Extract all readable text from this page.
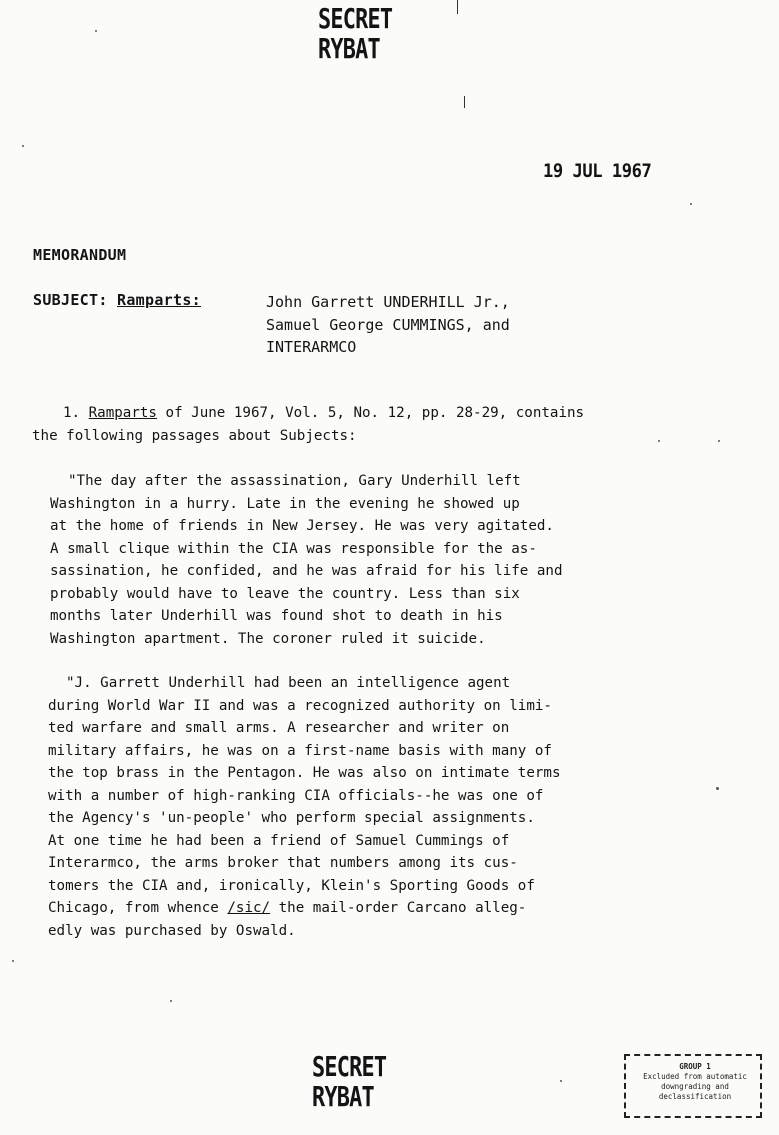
SECRET
RYBAT
19 JUL 1967
MEMORANDUM
SUBJECT: Ramparts:	John Garrett UNDERHILL Jr.,
Samuel George CUMMINGS, and
INTERARMCO
1. Ramparts of June 1967, Vol. 5, No. 12, pp. 28-29, contains
the following passages about Subjects:
"The day after the assassination, Gary Underhill left
Washington in a hurry. Late in the evening he showed up
at the home of friends in New Jersey. He was very agitated.
A small clique within the CIA was responsible for the as-
sassination, he confided, and he was afraid for his life and
probably would have to leave the country. Less than six
months later Underhill was found shot to death in his
Washington apartment. The coroner ruled it suicide.
"J. Garrett Underhill had been an intelligence agent
during World War II and was a recognized authority on limi-
ted warfare and small arms. A researcher and writer on
military affairs, he was on a first-name basis with many of
the top brass in the Pentagon. He was also on intimate terms
with a number of high-ranking CIA officials--he was one of
the Agency's 'un-people' who perform special assignments.
At one time he had been a friend of Samuel Cummings of
Interarmco, the arms broker that numbers among its cus-
tomers the CIA and, ironically, Klein's Sporting Goods of
Chicago, from whence /sic/ the mail-order Carcano alleg-
edly was purchased by Oswald.
SECRET
RYBAT
GROUP 1
Excluded from automatic
downgrading and
declassification
